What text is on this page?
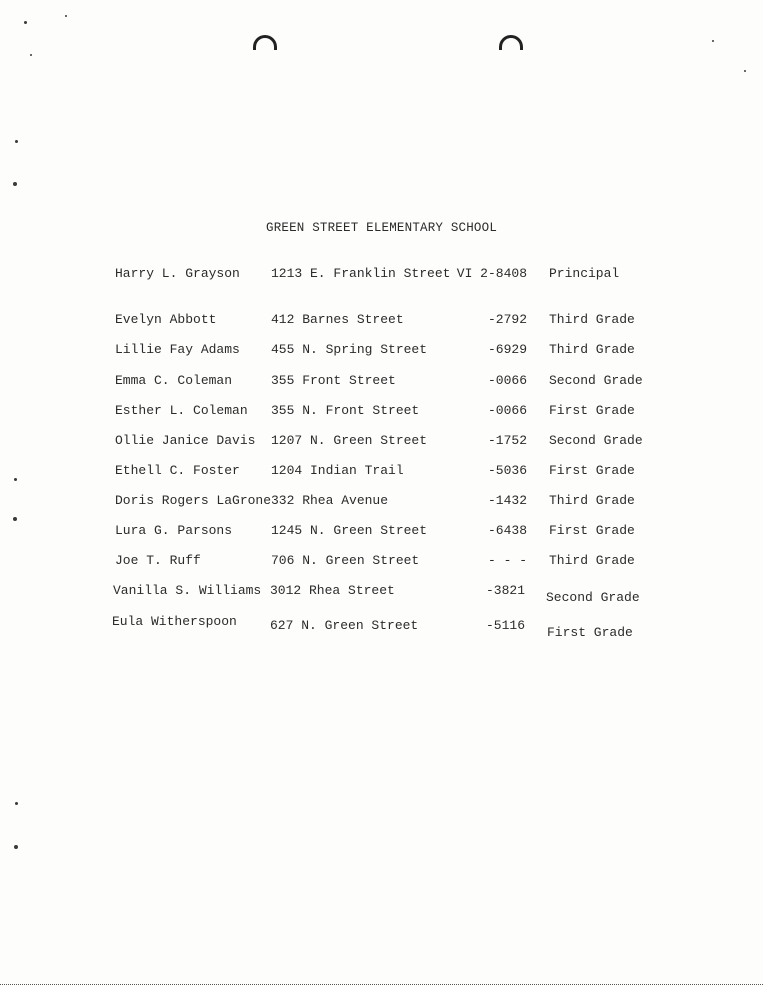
GREEN STREET ELEMENTARY SCHOOL
Harry L. Grayson 1213 E. Franklin Street VI 2-8408 Principal
Evelyn Abbott	412 Barnes Street	-2792 Third Grade
Lillie Fay Adams 455 N. Spring Street	-6929 Third Grade
Emma C. Coleman	355 Front Street	-0066 Second Grade
Esther L. Coleman 355 N. Front Street	-0066 First Grade
Ollie Janice Davis 1207 N. Green Street	-1752 Second Grade
Ethell C. Foster 1204 Indian Trail	-5036 First Grade
Doris Rogers LaGrone 332 Rhea Avenue	-1432 Third Grade
Lura G. Parsons	1245 N. Green Street	-6438 First Grade
Joe T. Ruff	706 N. Green Street	- - - Third Grade
Vanilla S. Williams 3012 Rhea Street	-3821 Second Grade
Eula Witherspoon	627 N. Green Street	-5116 First Grade
